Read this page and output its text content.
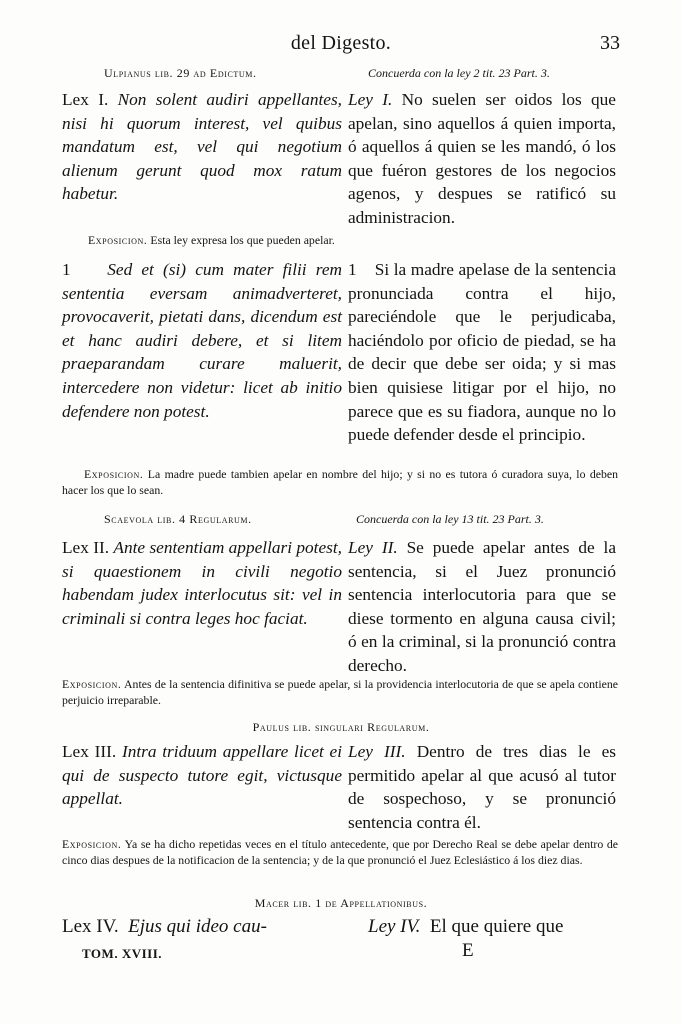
del Digesto.	33
Ulpianus lib. 29 ad Edictum.	Concuerda con la ley 2 tit. 23 Part. 3.
Lex I. Non solent audiri appellantes, nisi hi quorum interest, vel quibus mandatum est, vel qui negotium alienum gerunt quod mox ratum habetur.
Ley I. No suelen ser oidos los que apelan, sino aquellos á quien importa, ó aquellos á quien se les mandó, ó los que fuéron gestores de los negocios agenos, y despues se ratificó su administracion.
Exposicion. Esta ley expresa los que pueden apelar.
1 Sed et (si) cum mater filii rem sententia eversam animadverteret, provocaverit, pietati dans, dicendum est et hanc audiri debere, et si litem praeparandam curare maluerit, intercedere non videtur: licet ab initio defendere non potest.
1 Si la madre apelase de la sentencia pronunciada contra el hijo, pareciéndole que le perjudicaba, haciéndolo por oficio de piedad, se ha de decir que debe ser oida; y si mas bien quisiese litigar por el hijo, no parece que es su fiadora, aunque no lo puede defender desde el principio.
Exposicion. La madre puede tambien apelar en nombre del hijo; y si no es tutora ó curadora suya, lo deben hacer los que lo sean.
Scaevola lib. 4 Regularum.	Concuerda con la ley 13 tit. 23 Part. 3.
Lex II. Ante sententiam appellari potest, si quaestionem in civili negotio habendam judex interlocutus sit: vel in criminali si contra leges hoc faciat.
Ley II. Se puede apelar antes de la sentencia, si el Juez pronunció sentencia interlocutoria para que se diese tormento en alguna causa civil; ó en la criminal, si la pronunció contra derecho.
Exposicion. Antes de la sentencia difinitiva se puede apelar, si la providencia interlocutoria de que se apela contiene perjuicio irreparable.
Paulus lib. singulari Regularum.
Lex III. Intra triduum appellare licet ei qui de suspecto tutore egit, victusque appellat.
Ley III. Dentro de tres dias le es permitido apelar al que acusó al tutor de sospechoso, y se pronunció sentencia contra él.
Exposicion. Ya se ha dicho repetidas veces en el título antecedente, que por Derecho Real se debe apelar dentro de cinco dias despues de la notificacion de la sentencia; y de la que pronunció el Juez Eclesiástico á los diez dias.
Macer lib. 1 de Appellationibus.
Lex IV. Ejus qui ideo cau-	Ley IV. El que quiere que
TOM. XVIII.	E
